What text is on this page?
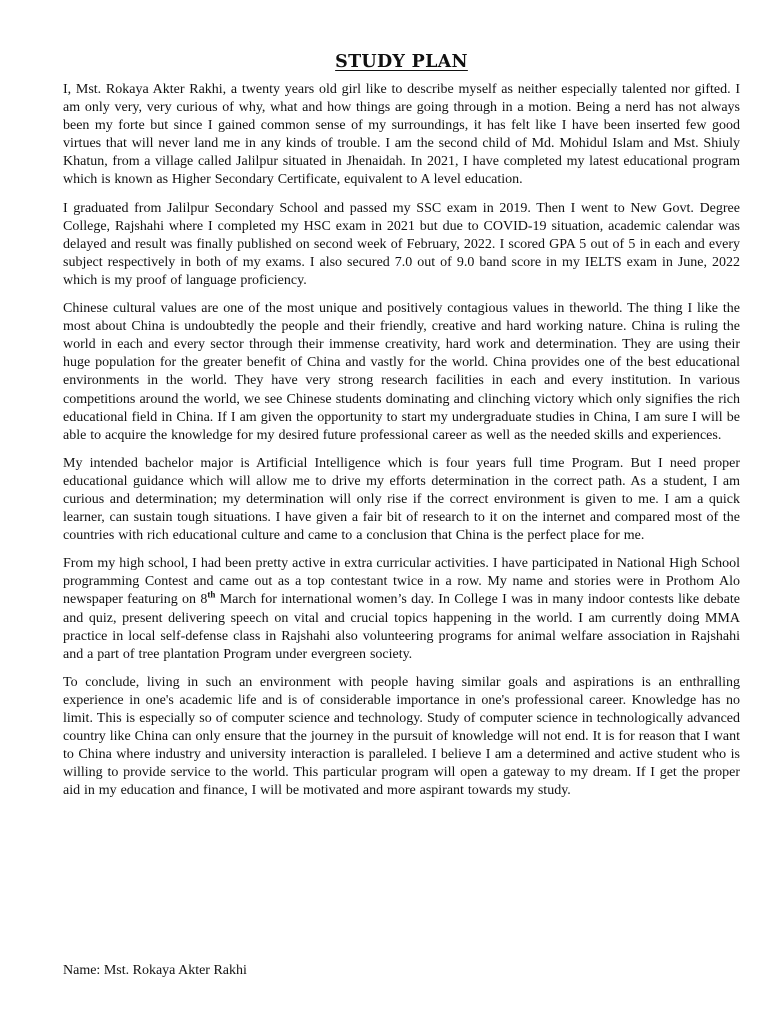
STUDY PLAN

I, Mst. Rokaya Akter Rakhi, a twenty years old girl like to describe myself as neither especially talented nor gifted. I am only very, very curious of why, what and how things are going through in a motion. Being a nerd has not always been my forte but since I gained common sense of my surroundings, it has felt like I have been inserted few good virtues that will never land me in any kinds of trouble. I am the second child of Md. Mohidul Islam and Mst. Shiuly Khatun, from a village called Jalilpur situated in Jhenaidah. In 2021, I have completed my latest educational program which is known as Higher Secondary Certificate, equivalent to A level education.

I graduated from Jalilpur Secondary School and passed my SSC exam in 2019. Then I went to New Govt. Degree College, Rajshahi where I completed my HSC exam in 2021 but due to COVID-19 situation, academic calendar was delayed and result was finally published on second week of February, 2022. I scored GPA 5 out of 5 in each and every subject respectively in both of my exams. I also secured 7.0 out of 9.0 band score in my IELTS exam in June, 2022 which is my proof of language proficiency.

Chinese cultural values are one of the most unique and positively contagious values in theworld. The thing I like the most about China is undoubtedly the people and their friendly, creative and hard working nature. China is ruling the world in each and every sector through their immense creativity, hard work and determination. They are using their huge population for the greater benefit of China and vastly for the world. China provides one of the best educational environments in the world. They have very strong research facilities in each and every institution. In various competitions around the world, we see Chinese students dominating and clinching victory which only signifies the rich educational field in China. If I am given the opportunity to start my undergraduate studies in China, I am sure I will be able to acquire the knowledge for my desired future professional career as well as the needed skills and experiences.

My intended bachelor major is Artificial Intelligence which is four years full time Program. But I need proper educational guidance which will allow me to drive my efforts determination in the correct path. As a student, I am curious and determination; my determination will only rise if the correct environment is given to me. I am a quick learner, can sustain tough situations. I have given a fair bit of research to it on the internet and compared most of the countries with rich educational culture and came to a conclusion that China is the perfect place for me.

From my high school, I had been pretty active in extra curricular activities. I have participated in National High School programming Contest and came out as a top contestant twice in a row. My name and stories were in Prothom Alo newspaper featuring on 8th March for international women’s day. In College I was in many indoor contests like debate and quiz, present delivering speech on vital and crucial topics happening in the world. I am currently doing MMA practice in local self-defense class in Rajshahi also volunteering programs for animal welfare association in Rajshahi and a part of tree plantation Program under evergreen society.

To conclude, living in such an environment with people having similar goals and aspirations is an enthralling experience in one's academic life and is of considerable importance in one's professional career. Knowledge has no limit. This is especially so of computer science and technology. Study of computer science in technologically advanced country like China can only ensure that the journey in the pursuit of knowledge will not end. It is for reason that I want to China where industry and university interaction is paralleled. I believe I am a determined and active student who is willing to provide service to the world. This particular program will open a gateway to my dream. If I get the proper aid in my education and finance, I will be motivated and more aspirant towards my study.

Name: Mst. Rokaya Akter Rakhi
